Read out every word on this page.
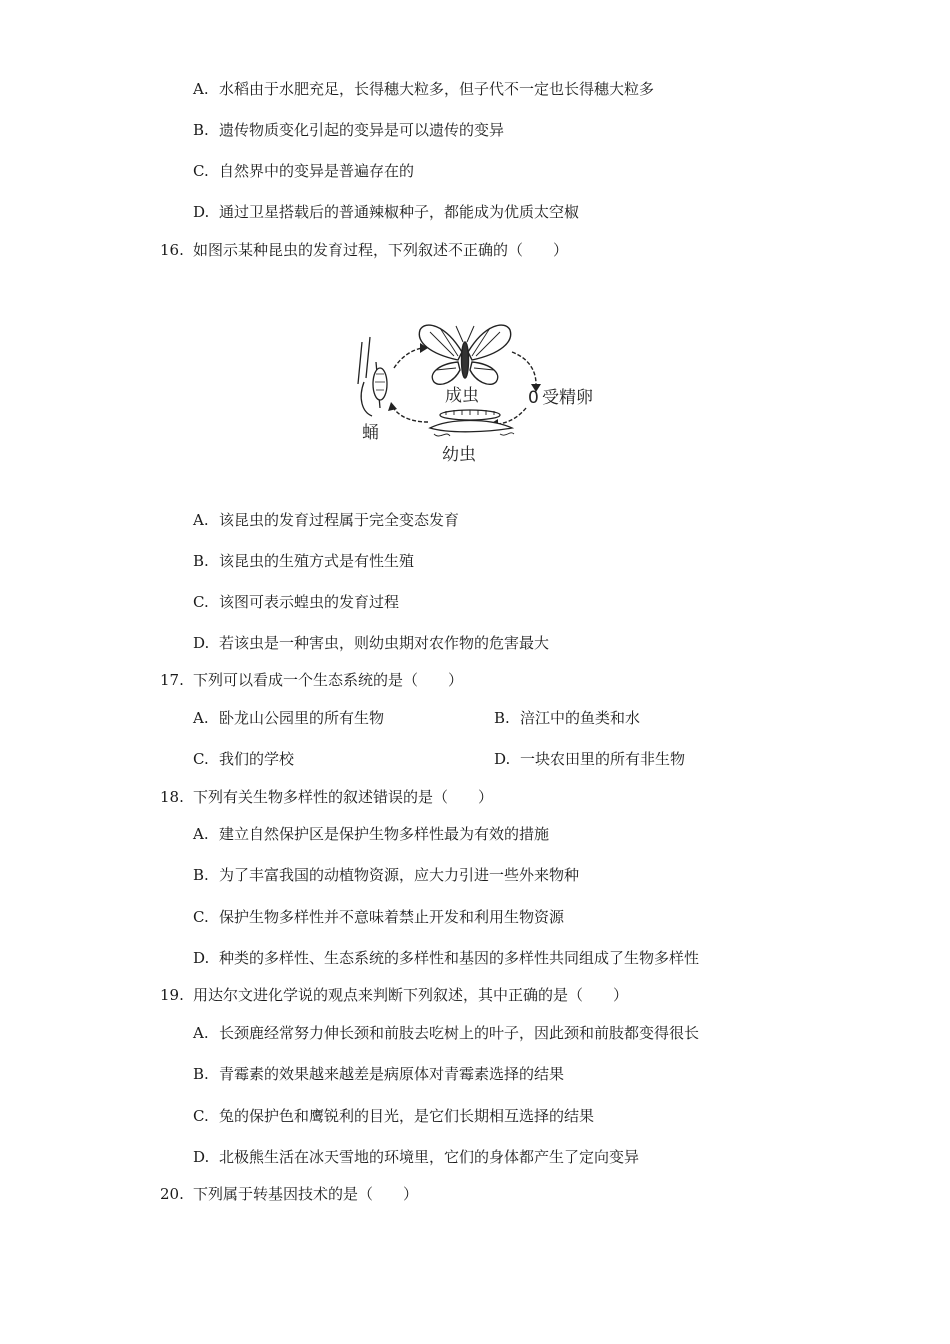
A. 水稻由于水肥充足，长得穗大粒多，但子代不一定也长得穗大粒多
B. 遗传物质变化引起的变异是可以遗传的变异
C. 自然界中的变异是普遍存在的
D. 通过卫星搭载后的普通辣椒种子，都能成为优质太空椒
16. 如图示某种昆虫的发育过程，下列叙述不正确的（　　）
0 受精卵
成虫
蛹
幼虫
A. 该昆虫的发育过程属于完全变态发育
B. 该昆虫的生殖方式是有性生殖
C. 该图可表示蝗虫的发育过程
D. 若该虫是一种害虫，则幼虫期对农作物的危害最大
17. 下列可以看成一个生态系统的是（　　）
A. 卧龙山公园里的所有生物	B. 涪江中的鱼类和水
C. 我们的学校	D. 一块农田里的所有非生物
18. 下列有关生物多样性的叙述错误的是（　　）
A. 建立自然保护区是保护生物多样性最为有效的措施
B. 为了丰富我国的动植物资源，应大力引进一些外来物种
C. 保护生物多样性并不意味着禁止开发和利用生物资源
D. 种类的多样性、生态系统的多样性和基因的多样性共同组成了生物多样性
19. 用达尔文进化学说的观点来判断下列叙述，其中正确的是（　　）
A. 长颈鹿经常努力伸长颈和前肢去吃树上的叶子，因此颈和前肢都变得很长
B. 青霉素的效果越来越差是病原体对青霉素选择的结果
C. 兔的保护色和鹰锐利的目光，是它们长期相互选择的结果
D. 北极熊生活在冰天雪地的环境里，它们的身体都产生了定向变异
20. 下列属于转基因技术的是（　　）
